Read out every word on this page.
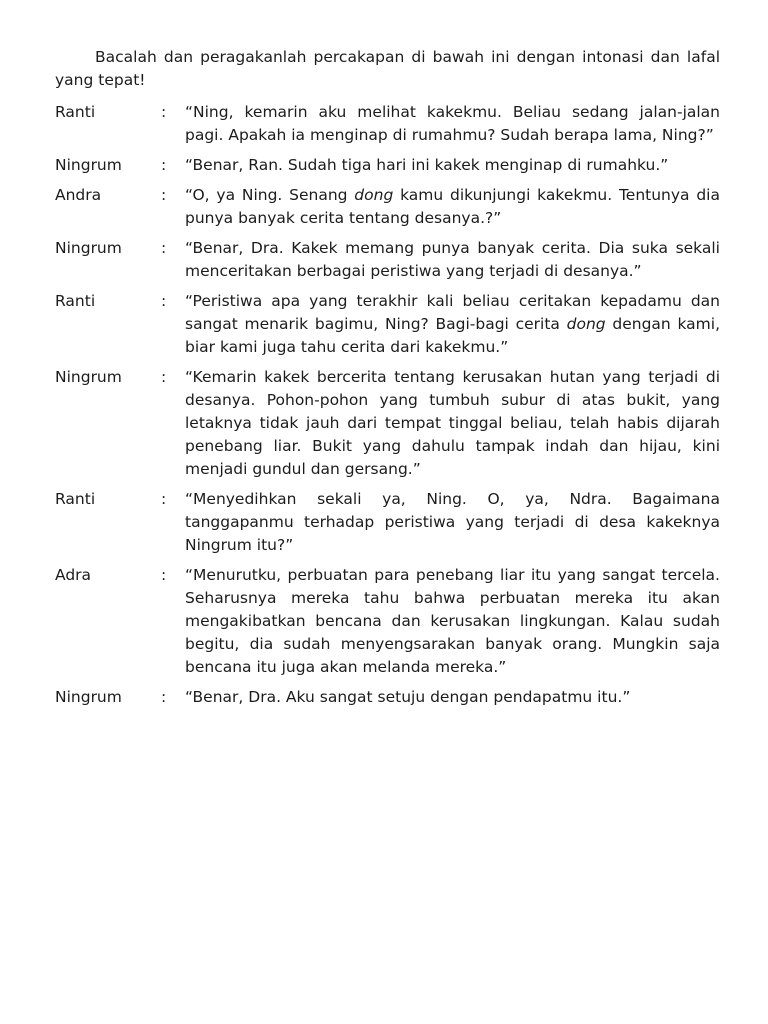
Bacalah dan peragakanlah percakapan di bawah ini dengan intonasi dan lafal yang tepat!

Ranti	:	“Ning, kemarin aku melihat kakekmu. Beliau sedang jalan-jalan pagi. Apakah ia menginap di rumahmu? Sudah berapa lama, Ning?”

Ningrum	:	“Benar, Ran. Sudah tiga hari ini kakek menginap di rumahku.”

Andra	:	“O, ya Ning. Senang dong kamu dikunjungi kakekmu. Tentunya dia punya banyak cerita tentang desanya.?”

Ningrum	:	“Benar, Dra. Kakek memang punya banyak cerita. Dia suka sekali menceritakan berbagai peristiwa yang terjadi di desanya.”

Ranti	:	“Peristiwa apa yang terakhir kali beliau ceritakan kepadamu dan sangat menarik bagimu, Ning? Bagi-bagi cerita dong dengan kami, biar kami juga tahu cerita dari kakekmu.”

Ningrum	:	“Kemarin kakek bercerita tentang kerusakan hutan yang terjadi di desanya. Pohon-pohon yang tumbuh subur di atas bukit, yang letaknya tidak jauh dari tempat tinggal beliau, telah habis dijarah penebang liar. Bukit yang dahulu tampak indah dan hijau, kini menjadi gundul dan gersang.”

Ranti	:	“Menyedihkan sekali ya, Ning. O, ya, Ndra. Bagaimana tanggapanmu terhadap peristiwa yang terjadi di desa kakeknya Ningrum itu?”

Adra	:	“Menurutku, perbuatan para penebang liar itu yang sangat tercela. Seharusnya mereka tahu bahwa perbuatan mereka itu akan mengakibatkan bencana dan kerusakan lingkungan. Kalau sudah begitu, dia sudah menyengsarakan banyak orang. Mungkin saja bencana itu juga akan melanda mereka.”

Ningrum	:	“Benar, Dra. Aku sangat setuju dengan pendapatmu itu.”
